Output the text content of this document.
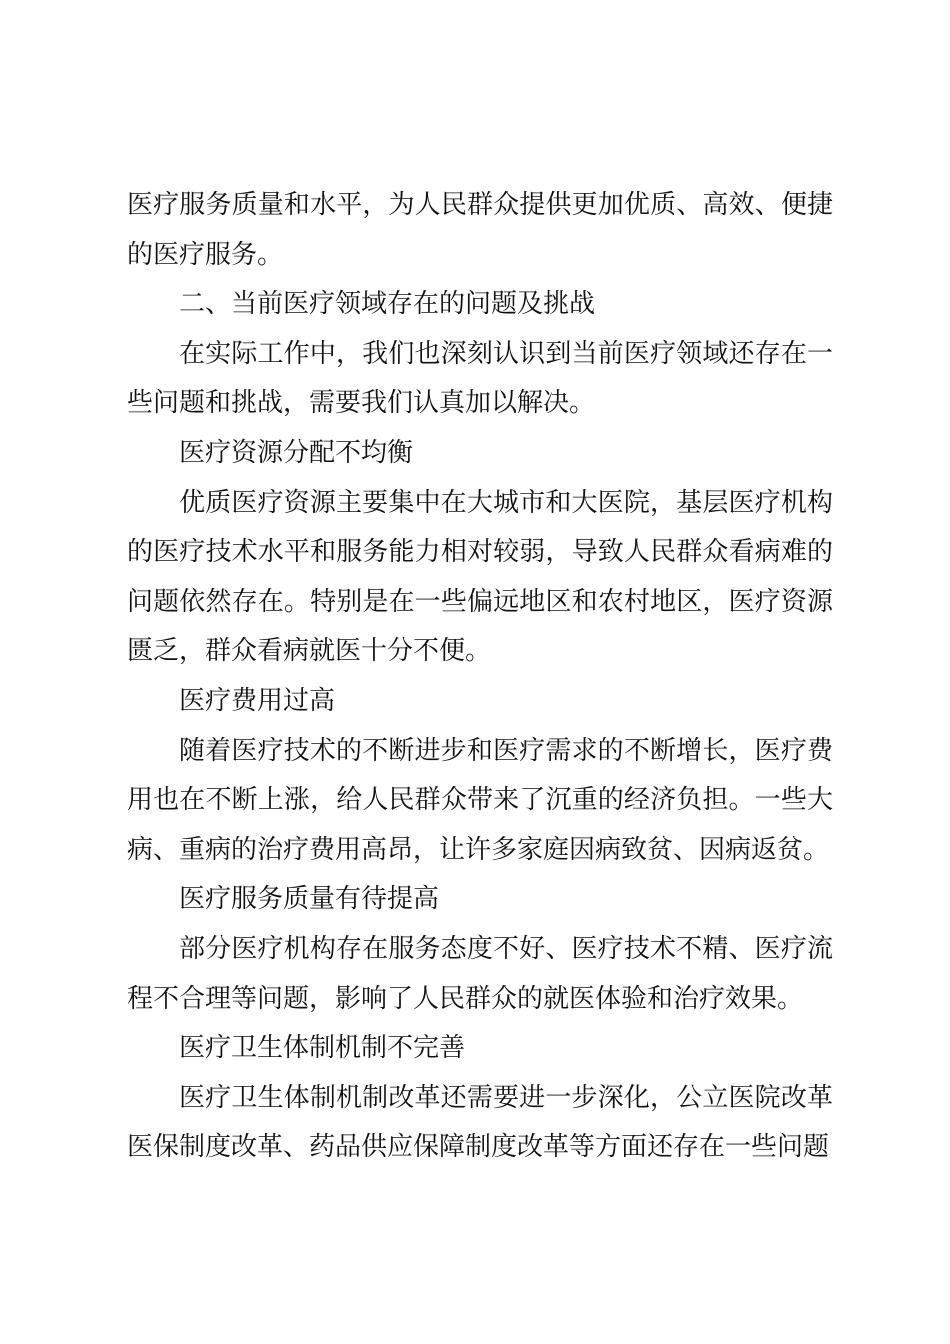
医疗服务质量和水平，为人民群众提供更加优质、高效、便捷的医疗服务。

二、当前医疗领域存在的问题及挑战

在实际工作中，我们也深刻认识到当前医疗领域还存在一些问题和挑战，需要我们认真加以解决。

医疗资源分配不均衡

优质医疗资源主要集中在大城市和大医院，基层医疗机构的医疗技术水平和服务能力相对较弱，导致人民群众看病难的问题依然存在。特别是在一些偏远地区和农村地区，医疗资源匮乏，群众看病就医十分不便。

医疗费用过高

随着医疗技术的不断进步和医疗需求的不断增长，医疗费用也在不断上涨，给人民群众带来了沉重的经济负担。一些大病、重病的治疗费用高昂，让许多家庭因病致贫、因病返贫。

医疗服务质量有待提高

部分医疗机构存在服务态度不好、医疗技术不精、医疗流程不合理等问题，影响了人民群众的就医体验和治疗效果。

医疗卫生体制机制不完善

医疗卫生体制机制改革还需要进一步深化，公立医院改革医保制度改革、药品供应保障制度改革等方面还存在一些问题
